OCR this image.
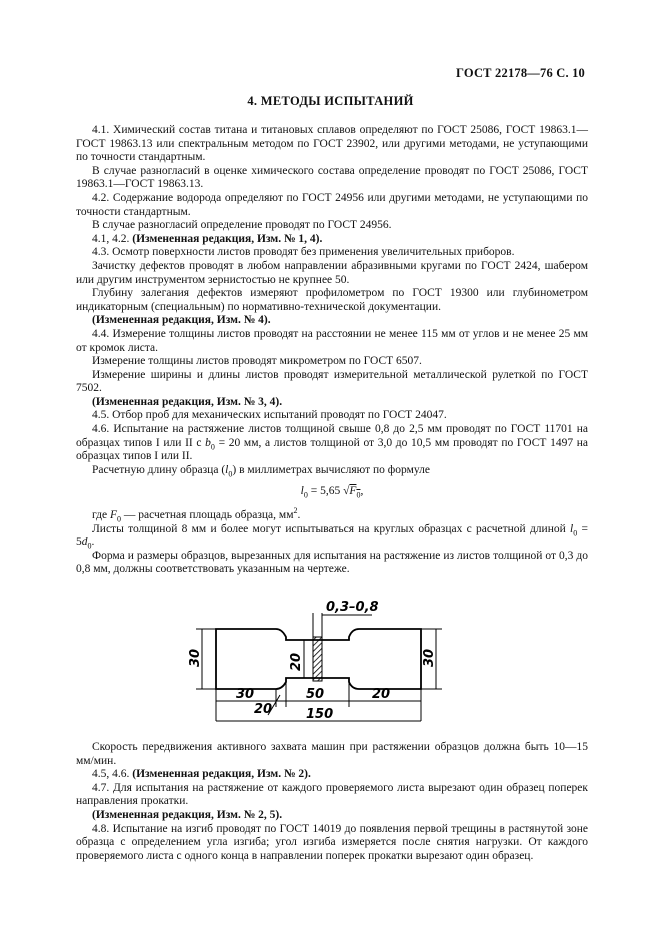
ГОСТ 22178—76 С. 10
4. МЕТОДЫ ИСПЫТАНИЙ

4.1. Химический состав титана и титановых сплавов определяют по ГОСТ 25086, ГОСТ 19863.1— ГОСТ 19863.13 или спектральным методом по ГОСТ 23902, или другими методами, не уступающими по точности стандартным.

В случае разногласий в оценке химического состава определение проводят по ГОСТ 25086, ГОСТ 19863.1—ГОСТ 19863.13.

4.2. Содержание водорода определяют по ГОСТ 24956 или другими методами, не уступающими по точности стандартным.

В случае разногласий определение проводят по ГОСТ 24956.

4.1, 4.2. (Измененная редакция, Изм. № 1, 4).

4.3. Осмотр поверхности листов проводят без применения увеличительных приборов.

Зачистку дефектов проводят в любом направлении абразивными кругами по ГОСТ 2424, шабером или другим инструментом зернистостью не крупнее 50.

Глубину залегания дефектов измеряют профилометром по ГОСТ 19300 или глубинометром индикаторным (специальным) по нормативно-технической документации.

(Измененная редакция, Изм. № 4).

4.4. Измерение толщины листов проводят на расстоянии не менее 115 мм от углов и не менее 25 мм от кромок листа.

Измерение толщины листов проводят микрометром по ГОСТ 6507.

Измерение ширины и длины листов проводят измерительной металлической рулеткой по ГОСТ 7502.

(Измененная редакция, Изм. № 3, 4).

4.5. Отбор проб для механических испытаний проводят по ГОСТ 24047.

4.6. Испытание на растяжение листов толщиной свыше 0,8 до 2,5 мм проводят по ГОСТ 11701 на образцах типов I или II с $b_0 = 20$ мм, а листов толщиной от 3,0 до 10,5 мм проводят по ГОСТ 1497 на образцах типов I или II.

Расчетную длину образца $(l_0)$ в миллиметрах вычисляют по формуле

$l_0 = 5,65$ $√F_0$,

где $F_0$ — расчетная площадь образца, $мм^2$.

Листы толщиной 8 мм и более могут испытываться на круглых образцах с расчетной длиной $l_0 = 5d_0$.

Форма и размеры образцов, вырезанных для испытания на растяжение из листов толщиной от 0,3 до 0,8 мм, должны соответствовать указанным на чертеже.

0,3–0,8
30	30
20
30	50	20
20	150

Скорость передвижения активного захвата машин при растяжении образцов должна быть 10—15 мм/мин.

4.5, 4.6. (Измененная редакция, Изм. № 2).

4.7. Для испытания на растяжение от каждого проверяемого листа вырезают один образец поперек направления прокатки.

(Измененная редакция, Изм. № 2, 5).

4.8. Испытание на изгиб проводят по ГОСТ 14019 до появления первой трещины в растянутой зоне образца с определением угла изгиба; угол изгиба измеряется после снятия нагрузки. От каждого проверяемого листа с одного конца в направлении поперек прокатки вырезают один образец.
